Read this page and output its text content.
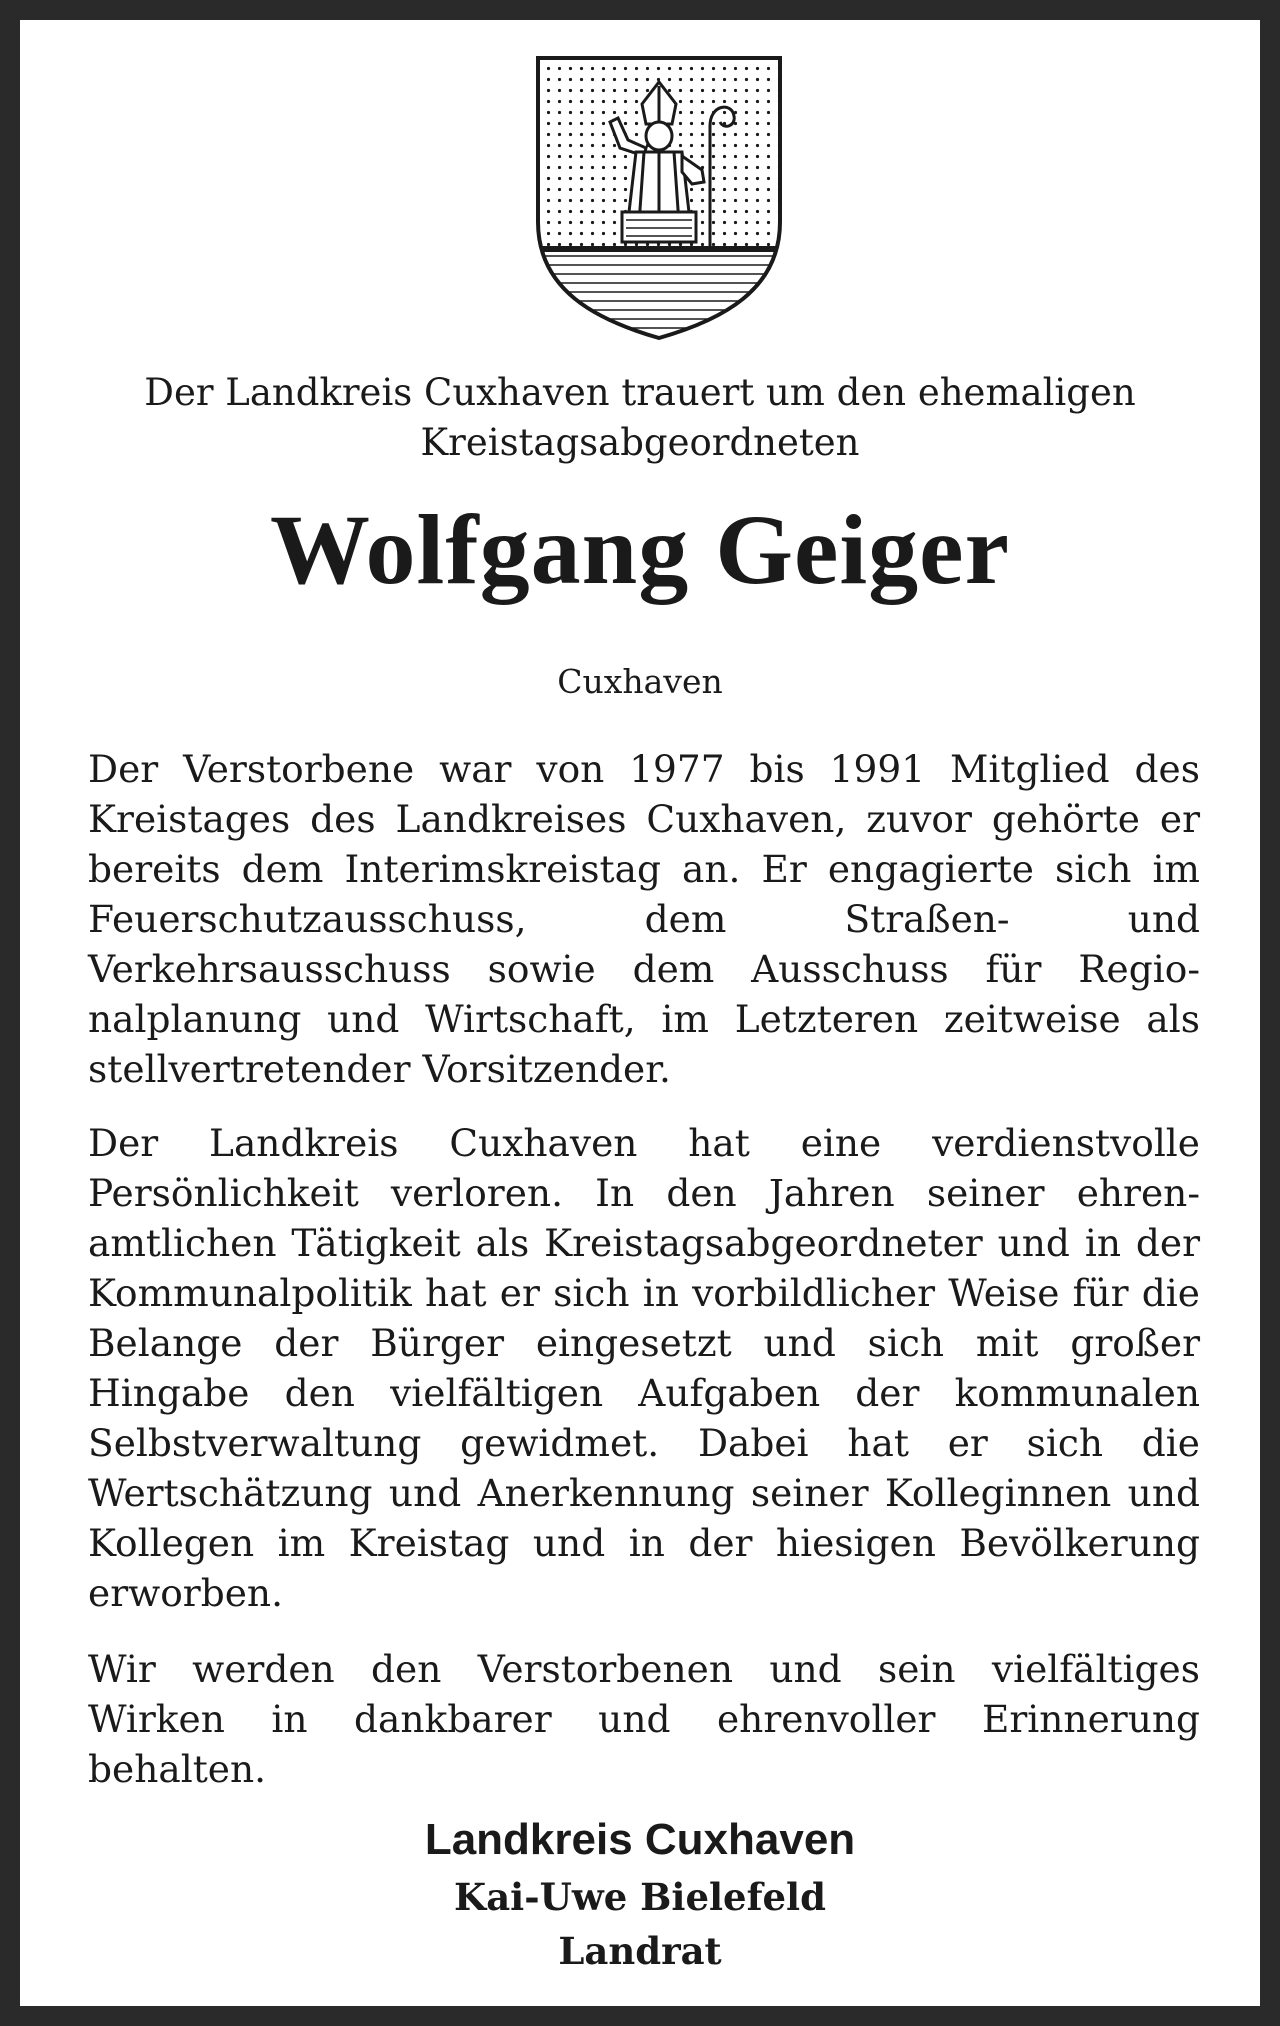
Der Landkreis Cuxhaven trauert um den ehemaligen
Kreistagsabgeordneten
Wolfgang Geiger
Cuxhaven

Der Verstorbene war von 1977 bis 1991 Mitglied des Kreistages des Landkreises Cuxhaven, zuvor gehörte er bereits dem Interimskreistag an. Er engagierte sich im Feuerschutzausschuss, dem Straßen- und Verkehrsausschuss sowie dem Ausschuss für Regionalplanung und Wirtschaft, im Letzteren zeitweise als stellvertretender Vorsitzender.

Der Landkreis Cuxhaven hat eine verdienstvolle Persönlichkeit verloren. In den Jahren seiner ehrenamtlichen Tätigkeit als Kreistagsabgeordneter und in der Kommunalpolitik hat er sich in vorbildlicher Weise für die Belange der Bürger eingesetzt und sich mit großer Hingabe den vielfältigen Aufgaben der kommunalen Selbstverwaltung gewidmet. Dabei hat er sich die Wertschätzung und Anerkennung seiner Kolleginnen und Kollegen im Kreistag und in der hiesigen Bevölkerung erworben.

Wir werden den Verstorbenen und sein vielfältiges Wirken in dankbarer und ehrenvoller Erinnerung behalten.

Landkreis Cuxhaven
Kai-Uwe Bielefeld
Landrat
